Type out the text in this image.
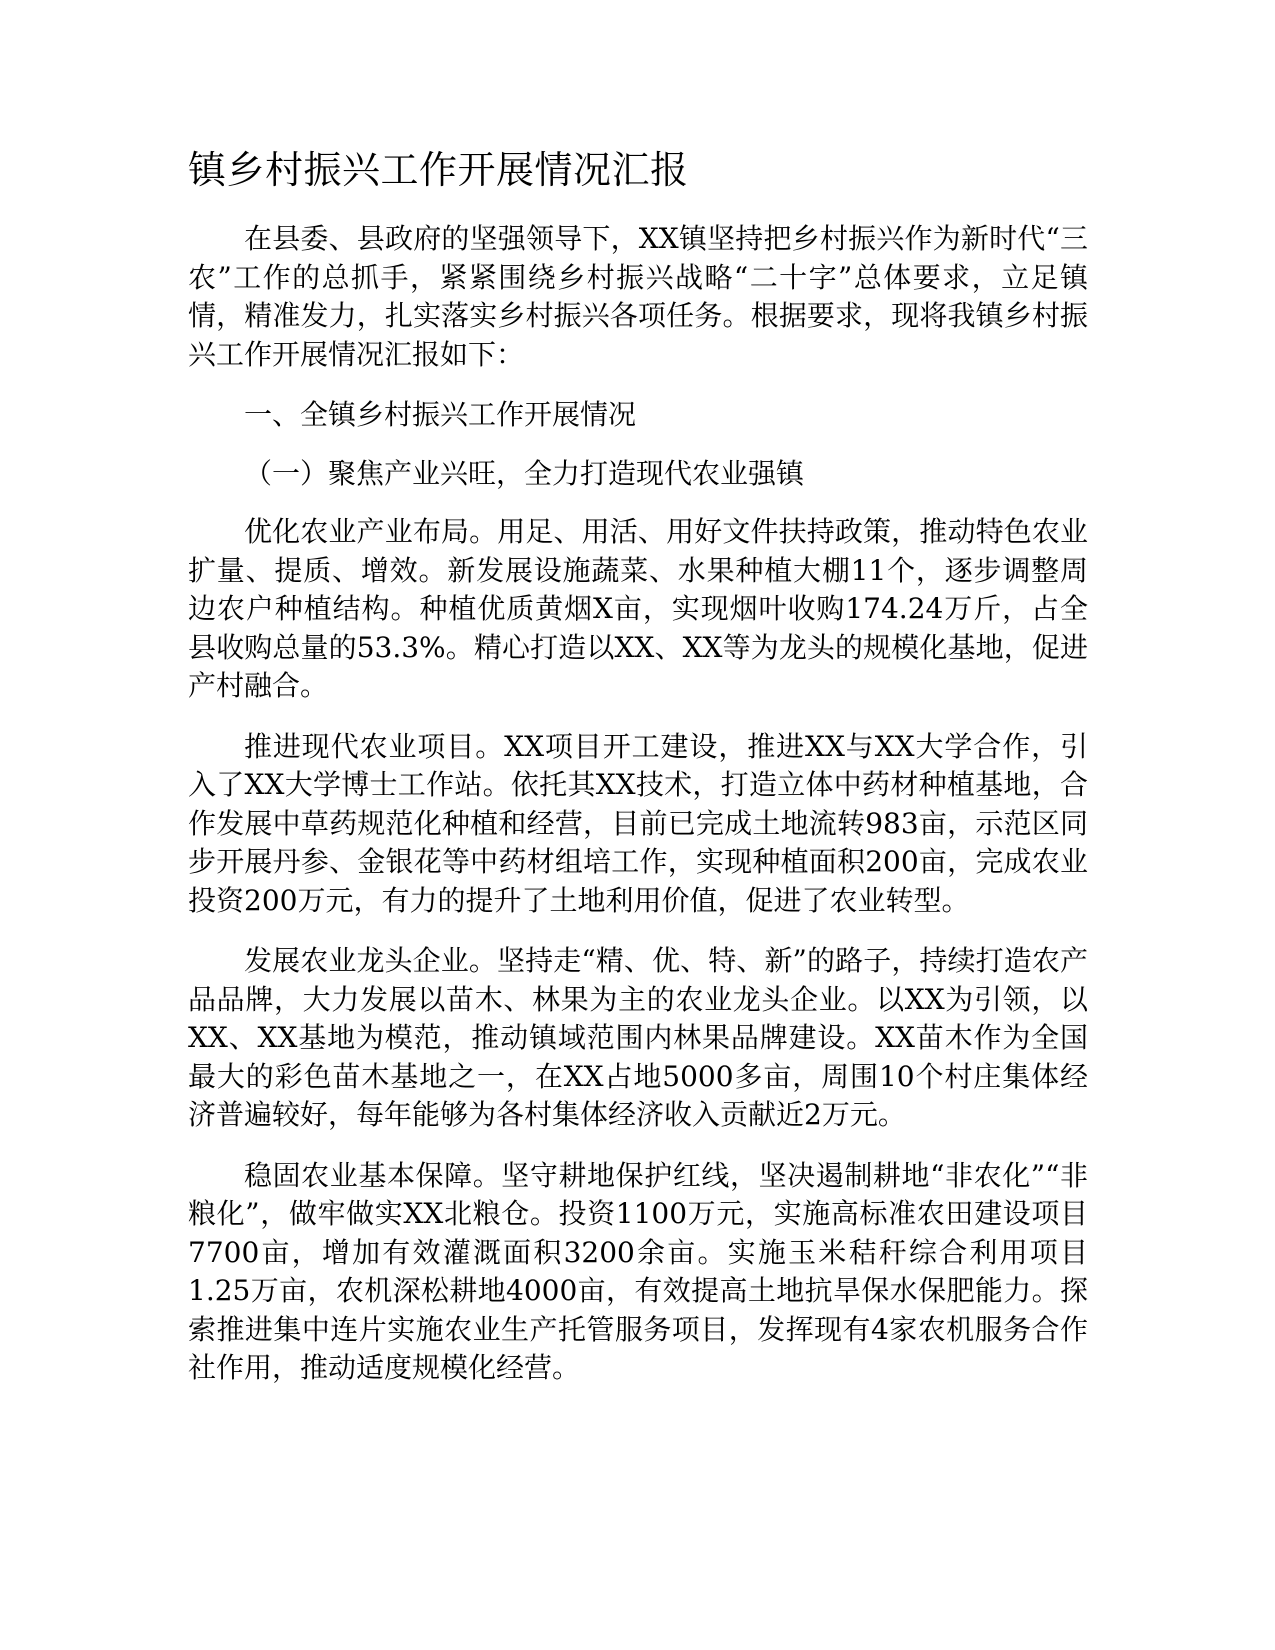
镇乡村振兴工作开展情况汇报

在县委、县政府的坚强领导下，XX镇坚持把乡村振兴作为新时代“三农”工作的总抓手，紧紧围绕乡村振兴战略“二十字”总体要求，立足镇情，精准发力，扎实落实乡村振兴各项任务。根据要求，现将我镇乡村振兴工作开展情况汇报如下：

一、全镇乡村振兴工作开展情况

（一）聚焦产业兴旺，全力打造现代农业强镇

优化农业产业布局。用足、用活、用好文件扶持政策，推动特色农业扩量、提质、增效。新发展设施蔬菜、水果种植大棚11个，逐步调整周边农户种植结构。种植优质黄烟X亩，实现烟叶收购174.24万斤，占全县收购总量的53.3%。精心打造以XX、XX等为龙头的规模化基地，促进产村融合。

推进现代农业项目。XX项目开工建设，推进XX与XX大学合作，引入了XX大学博士工作站。依托其XX技术，打造立体中药材种植基地，合作发展中草药规范化种植和经营，目前已完成土地流转983亩，示范区同步开展丹参、金银花等中药材组培工作，实现种植面积200亩，完成农业投资200万元，有力的提升了土地利用价值，促进了农业转型。

发展农业龙头企业。坚持走“精、优、特、新”的路子，持续打造农产品品牌，大力发展以苗木、林果为主的农业龙头企业。以XX为引领，以XX、XX基地为模范，推动镇域范围内林果品牌建设。XX苗木作为全国最大的彩色苗木基地之一，在XX占地5000多亩，周围10个村庄集体经济普遍较好，每年能够为各村集体经济收入贡献近2万元。

稳固农业基本保障。坚守耕地保护红线，坚决遏制耕地“非农化”“非粮化”，做牢做实XX北粮仓。投资1100万元，实施高标准农田建设项目7700亩，增加有效灌溉面积3200余亩。实施玉米秸秆综合利用项目1.25万亩，农机深松耕地4000亩，有效提高土地抗旱保水保肥能力。探索推进集中连片实施农业生产托管服务项目，发挥现有4家农机服务合作社作用，推动适度规模化经营。
